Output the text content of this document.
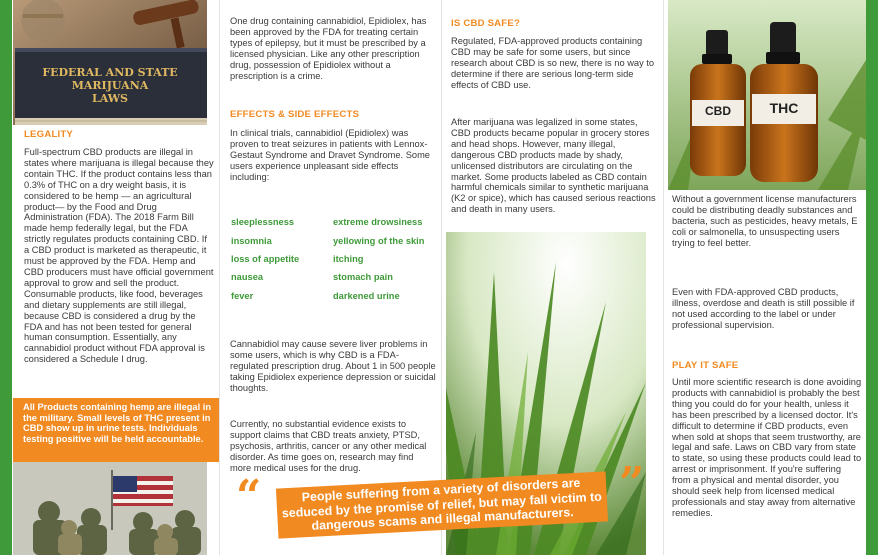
FEDERAL AND STATE
MARIJUANA
LAWS
LEGALITY
Full-spectrum CBD products are illegal in states where marijuana is illegal because they contain THC. If the product contains less than 0.3% of THC on a dry weight basis, it is considered to be hemp — an agricultural product— by the Food and Drug Administration (FDA). The 2018 Farm Bill made hemp federally legal, but the FDA strictly regulates products containing CBD. If a CBD product is marketed as therapeutic, it must be approved by the FDA. Hemp and CBD producers must have official government approval to grow and sell the product. Consumable products, like food, beverages and dietary supplements are still illegal, because CBD is considered a drug by the FDA and has not been tested for general human consumption. Essentially, any cannabidiol product without FDA approval is considered a Schedule I drug.
All Products containing hemp are illegal in the military. Small levels of THC present in CBD show up in urine tests. Individuals testing positive will be held accountable.
One drug containing cannabidiol, Epidiolex, has been approved by the FDA for treating certain types of epilepsy, but it must be prescribed by a licensed physician. Like any other prescription drug, possession of Epidiolex without a prescription is a crime.
EFFECTS & SIDE EFFECTS
In clinical trials, cannabidiol (Epidiolex) was proven to treat seizures in patients with Lennox-Gestaut Syndrome and Dravet Syndrome. Some users experience unpleasant side effects including:
sleeplessness
insomnia
loss of appetite
nausea
fever
extreme drowsiness
yellowing of the skin
itching
stomach pain
darkened urine
Cannabidiol may cause severe liver problems in some users, which is why CBD is a FDA-regulated prescription drug. About 1 in 500 people taking Epidiolex experience depression or suicidal thoughts.
Currently, no substantial evidence exists to support claims that CBD treats anxiety, PTSD, psychosis, arthritis, cancer or any other medical disorder. As time goes on, research may find more medical uses for the drug.
IS CBD SAFE?
Regulated, FDA-approved products containing CBD may be safe for some users, but since research about CBD is so new, there is no way to determine if there are serious long-term side effects of CBD use.
After marijuana was legalized in some states, CBD products became popular in grocery stores and head shops. However, many illegal, dangerous CBD products made by shady, unlicensed distributors are circulating on the market. Some products labeled as CBD contain harmful chemicals similar to synthetic marijuana (K2 or spice), which has caused serious reactions and death in many users.
CBD	THC
Without a government license manufacturers could be distributing deadly substances and bacteria, such as pesticides, heavy metals, E coli or salmonella, to unsuspecting users trying to feel better.
Even with FDA-approved CBD products, illness, overdose and death is still possible if not used according to the label or under professional supervision.
PLAY IT SAFE
Until more scientific research is done avoiding products with cannabidiol is probably the best thing you could do for your health, unless it has been prescribed by a licensed doctor. It's difficult to determine if CBD products, even when sold at shops that seem trustworthy, are legal and safe. Laws on CBD vary from state to state, so using these products could lead to arrest or imprisonment. If you're suffering from a physical and mental disorder, you should seek help from licensed medical professionals and stay away from alternative remedies.
People suffering from a variety of disorders are seduced by the promise of relief, but may fall victim to dangerous scams and illegal manufacturers.
“	”
